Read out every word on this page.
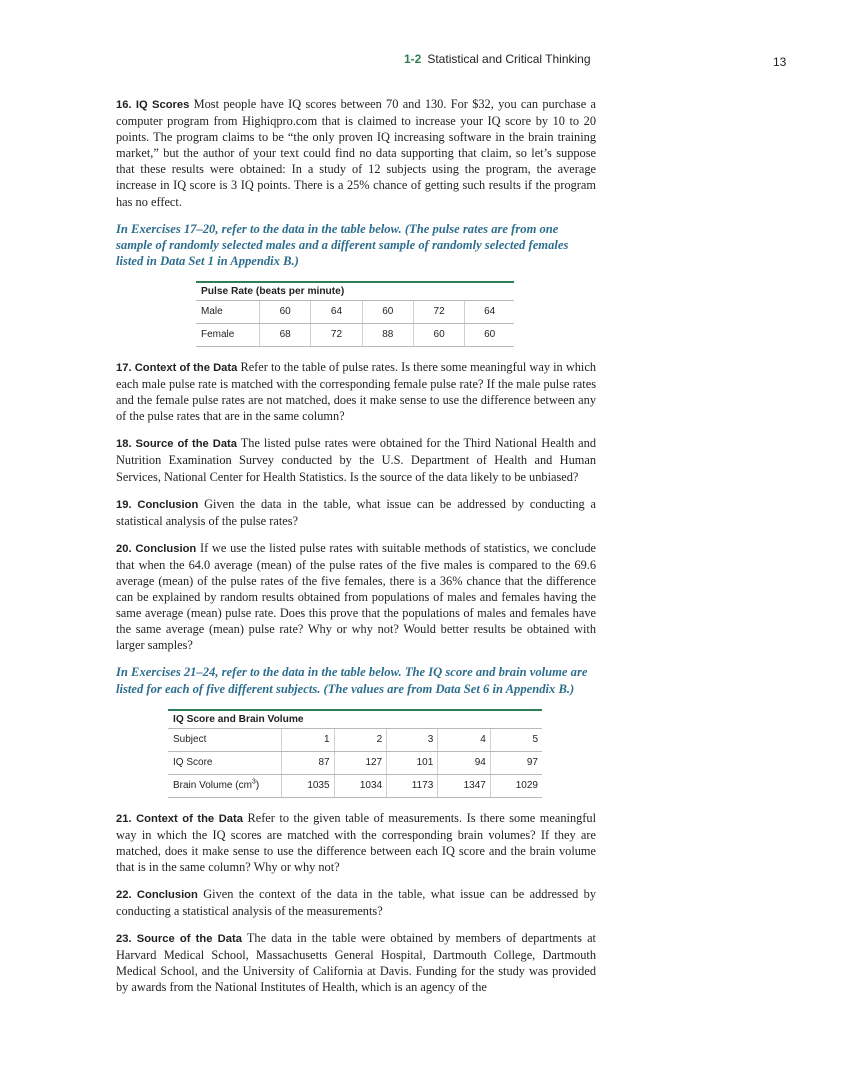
1-2 Statistical and Critical Thinking	13

16. IQ Scores Most people have IQ scores between 70 and 130. For $32, you can purchase a computer program from Highiqpro.com that is claimed to increase your IQ score by 10 to 20 points. The program claims to be “the only proven IQ increasing software in the brain training market,” but the author of your text could find no data supporting that claim, so let’s suppose that these results were obtained: In a study of 12 subjects using the program, the average increase in IQ score is 3 IQ points. There is a 25% chance of getting such results if the program has no effect.

In Exercises 17–20, refer to the data in the table below. (The pulse rates are from one sample of randomly selected males and a different sample of randomly selected females listed in Data Set 1 in Appendix B.)

Pulse Rate (beats per minute)
Male	60	64	60	72	64
Female	68	72	88	60	60

17. Context of the Data Refer to the table of pulse rates. Is there some meaningful way in which each male pulse rate is matched with the corresponding female pulse rate? If the male pulse rates and the female pulse rates are not matched, does it make sense to use the difference between any of the pulse rates that are in the same column?

18. Source of the Data The listed pulse rates were obtained for the Third National Health and Nutrition Examination Survey conducted by the U.S. Department of Health and Human Services, National Center for Health Statistics. Is the source of the data likely to be unbiased?

19. Conclusion Given the data in the table, what issue can be addressed by conducting a statistical analysis of the pulse rates?

20. Conclusion If we use the listed pulse rates with suitable methods of statistics, we conclude that when the 64.0 average (mean) of the pulse rates of the five males is compared to the 69.6 average (mean) of the pulse rates of the five females, there is a 36% chance that the difference can be explained by random results obtained from populations of males and females having the same average (mean) pulse rate. Does this prove that the populations of males and females have the same average (mean) pulse rate? Why or why not? Would better results be obtained with larger samples?

In Exercises 21–24, refer to the data in the table below. The IQ score and brain volume are listed for each of five different subjects. (The values are from Data Set 6 in Appendix B.)

IQ Score and Brain Volume
Subject	1	2	3	4	5
IQ Score	87	127	101	94	97
Brain Volume $(cm^3)$	1035	1034	1173	1347	1029

21. Context of the Data Refer to the given table of measurements. Is there some meaningful way in which the IQ scores are matched with the corresponding brain volumes? If they are matched, does it make sense to use the difference between each IQ score and the brain volume that is in the same column? Why or why not?

22. Conclusion Given the context of the data in the table, what issue can be addressed by conducting a statistical analysis of the measurements?

23. Source of the Data The data in the table were obtained by members of departments at Harvard Medical School, Massachusetts General Hospital, Dartmouth College, Dartmouth Medical School, and the University of California at Davis. Funding for the study was provided by awards from the National Institutes of Health, which is an agency of the
